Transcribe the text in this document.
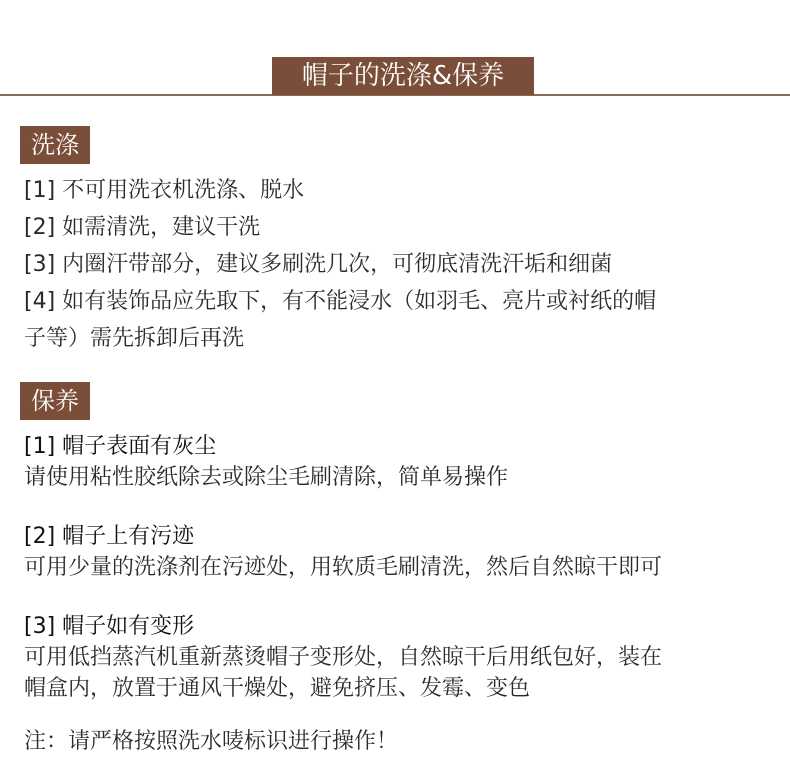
帽子的洗涤&保养
洗涤
[1] 不可用洗衣机洗涤、脱水
[2] 如需清洗，建议干洗
[3] 内圈汗带部分，建议多刷洗几次，可彻底清洗汗垢和细菌
[4] 如有装饰品应先取下，有不能浸水（如羽毛、亮片或衬纸的帽
子等）需先拆卸后再洗
保养
[1] 帽子表面有灰尘
请使用粘性胶纸除去或除尘毛刷清除，简单易操作
[2] 帽子上有污迹
可用少量的洗涤剂在污迹处，用软质毛刷清洗，然后自然晾干即可
[3] 帽子如有变形
可用低挡蒸汽机重新蒸烫帽子变形处，自然晾干后用纸包好，装在
帽盒内，放置于通风干燥处，避免挤压、发霉、变色
注：请严格按照洗水唛标识进行操作！
